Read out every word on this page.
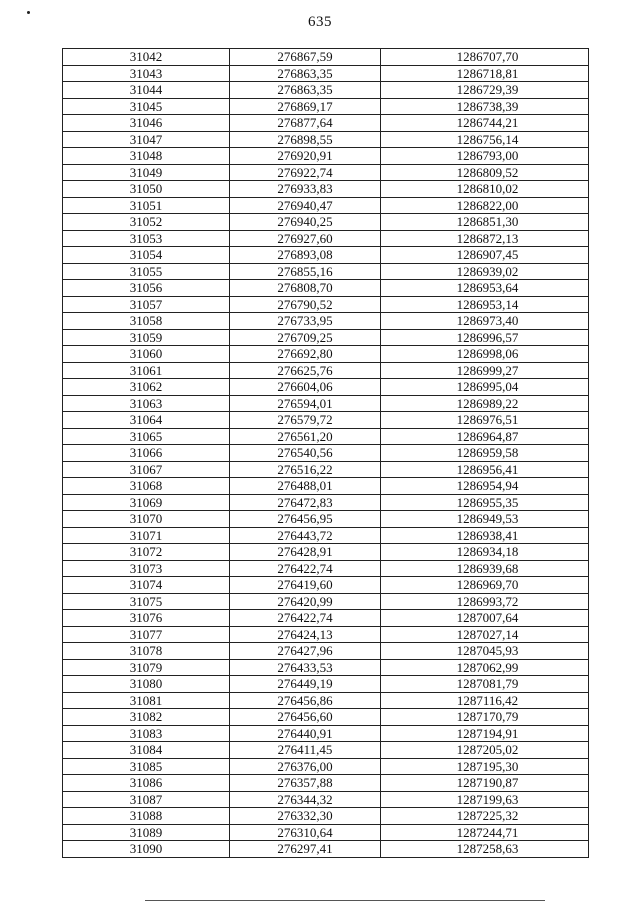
635
31042	276867,59	1286707,70
31043	276863,35	1286718,81
31044	276863,35	1286729,39
31045	276869,17	1286738,39
31046	276877,64	1286744,21
31047	276898,55	1286756,14
31048	276920,91	1286793,00
31049	276922,74	1286809,52
31050	276933,83	1286810,02
31051	276940,47	1286822,00
31052	276940,25	1286851,30
31053	276927,60	1286872,13
31054	276893,08	1286907,45
31055	276855,16	1286939,02
31056	276808,70	1286953,64
31057	276790,52	1286953,14
31058	276733,95	1286973,40
31059	276709,25	1286996,57
31060	276692,80	1286998,06
31061	276625,76	1286999,27
31062	276604,06	1286995,04
31063	276594,01	1286989,22
31064	276579,72	1286976,51
31065	276561,20	1286964,87
31066	276540,56	1286959,58
31067	276516,22	1286956,41
31068	276488,01	1286954,94
31069	276472,83	1286955,35
31070	276456,95	1286949,53
31071	276443,72	1286938,41
31072	276428,91	1286934,18
31073	276422,74	1286939,68
31074	276419,60	1286969,70
31075	276420,99	1286993,72
31076	276422,74	1287007,64
31077	276424,13	1287027,14
31078	276427,96	1287045,93
31079	276433,53	1287062,99
31080	276449,19	1287081,79
31081	276456,86	1287116,42
31082	276456,60	1287170,79
31083	276440,91	1287194,91
31084	276411,45	1287205,02
31085	276376,00	1287195,30
31086	276357,88	1287190,87
31087	276344,32	1287199,63
31088	276332,30	1287225,32
31089	276310,64	1287244,71
31090	276297,41	1287258,63
